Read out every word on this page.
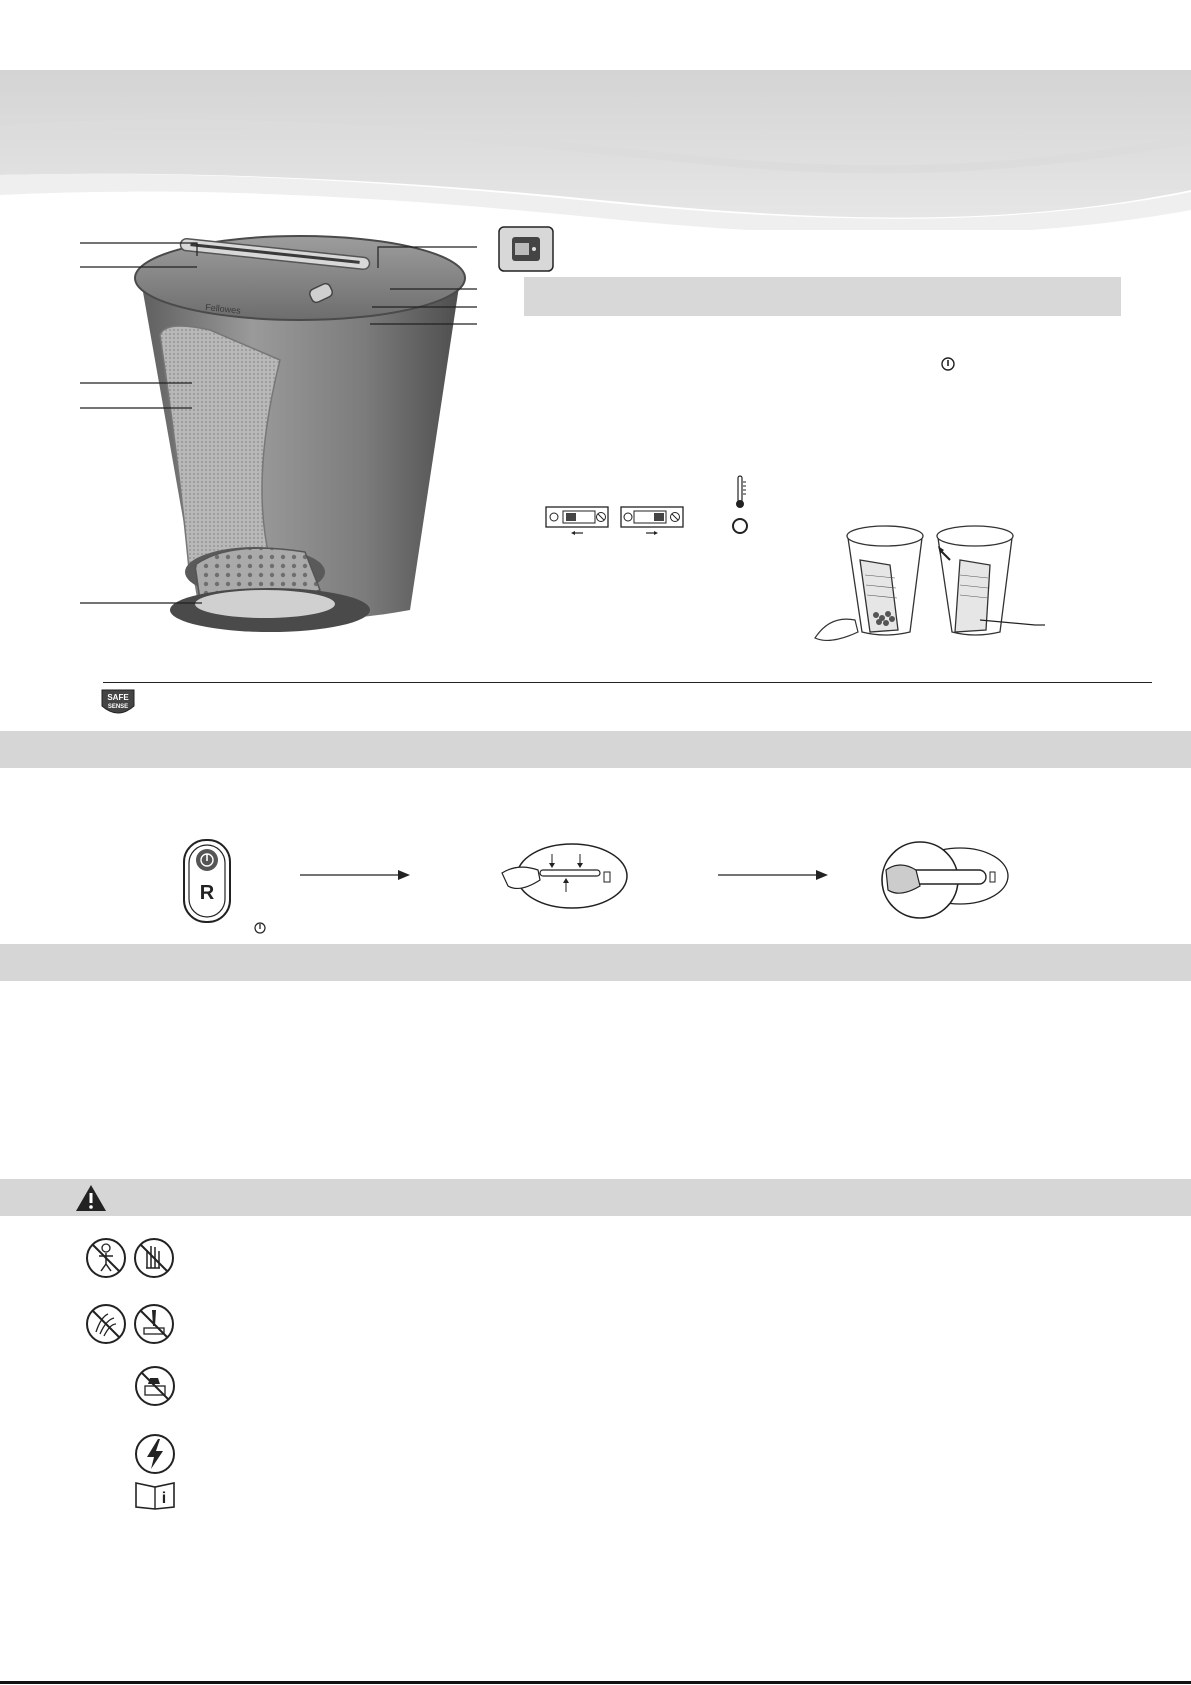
Fellowes
SAFE
SENSE
R
i
